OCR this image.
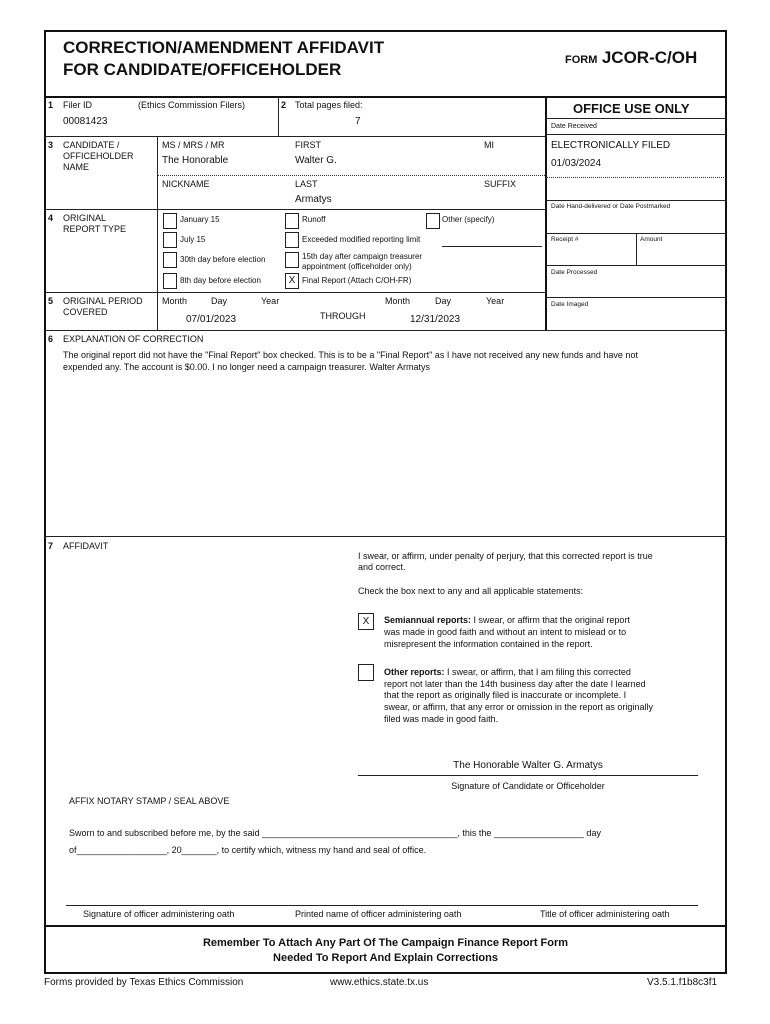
CORRECTION/AMENDMENT AFFIDAVIT
FOR CANDIDATE/OFFICEHOLDER	FORM JCOR-C/OH
1 Filer ID	(Ethics Commission Filers)
00081423
2 Total pages filed:
7
OFFICE USE ONLY
Date Received
ELECTRONICALLY FILED
01/03/2024
Date Hand-delivered or Date Postmarked
Receipt #	Amount
Date Processed
Date Imaged
3 CANDIDATE /
OFFICEHOLDER
NAME
MS / MRS / MR
The Honorable
FIRST
Walter G.
MI
NICKNAME	LAST
Armatys
SUFFIX
4 ORIGINAL
REPORT TYPE
January 15	Runoff	Other (specify)
July 15	Exceeded modified reporting limit
30th day before election	15th day after campaign treasurer
appointment (officeholder only)
8th day before election	X Final Report (Attach C/OH-FR)
5 ORIGINAL PERIOD
COVERED
Month	Day	Year
07/01/2023	THROUGH
Month	Day	Year
12/31/2023
6 EXPLANATION OF CORRECTION
The original report did not have the "Final Report" box checked. This is to be a "Final Report" as I have not received any new funds and have not
expended any. The account is $0.00. I no longer need a campaign treasurer. Walter Armatys
7 AFFIDAVIT
I swear, or affirm, under penalty of perjury, that this corrected report is true
and correct.
Check the box next to any and all applicable statements:
X	Semiannual reports: I swear, or affirm that the original report
was made in good faith and without an intent to mislead or to
misrepresent the information contained in the report.
Other reports: I swear, or affirm, that I am filing this corrected
report not later than the 14th business day after the date I learned
that the report as originally filed is inaccurate or incomplete. I
swear, or affirm, that any error or omission in the report as originally
filed was made in good faith.
The Honorable Walter G. Armatys
Signature of Candidate or Officeholder
AFFIX NOTARY STAMP / SEAL ABOVE
Sworn to and subscribed before me, by the said _______________________________________, this the __________________ day
of__________________, 20_______, to certify which, witness my hand and seal of office.
Signature of officer administering oath	Printed name of officer administering oath	Title of officer administering oath
Remember To Attach Any Part Of The Campaign Finance Report Form
Needed To Report And Explain Corrections
Forms provided by Texas Ethics Commission	www.ethics.state.tx.us	V3.5.1.f1b8c3f1
